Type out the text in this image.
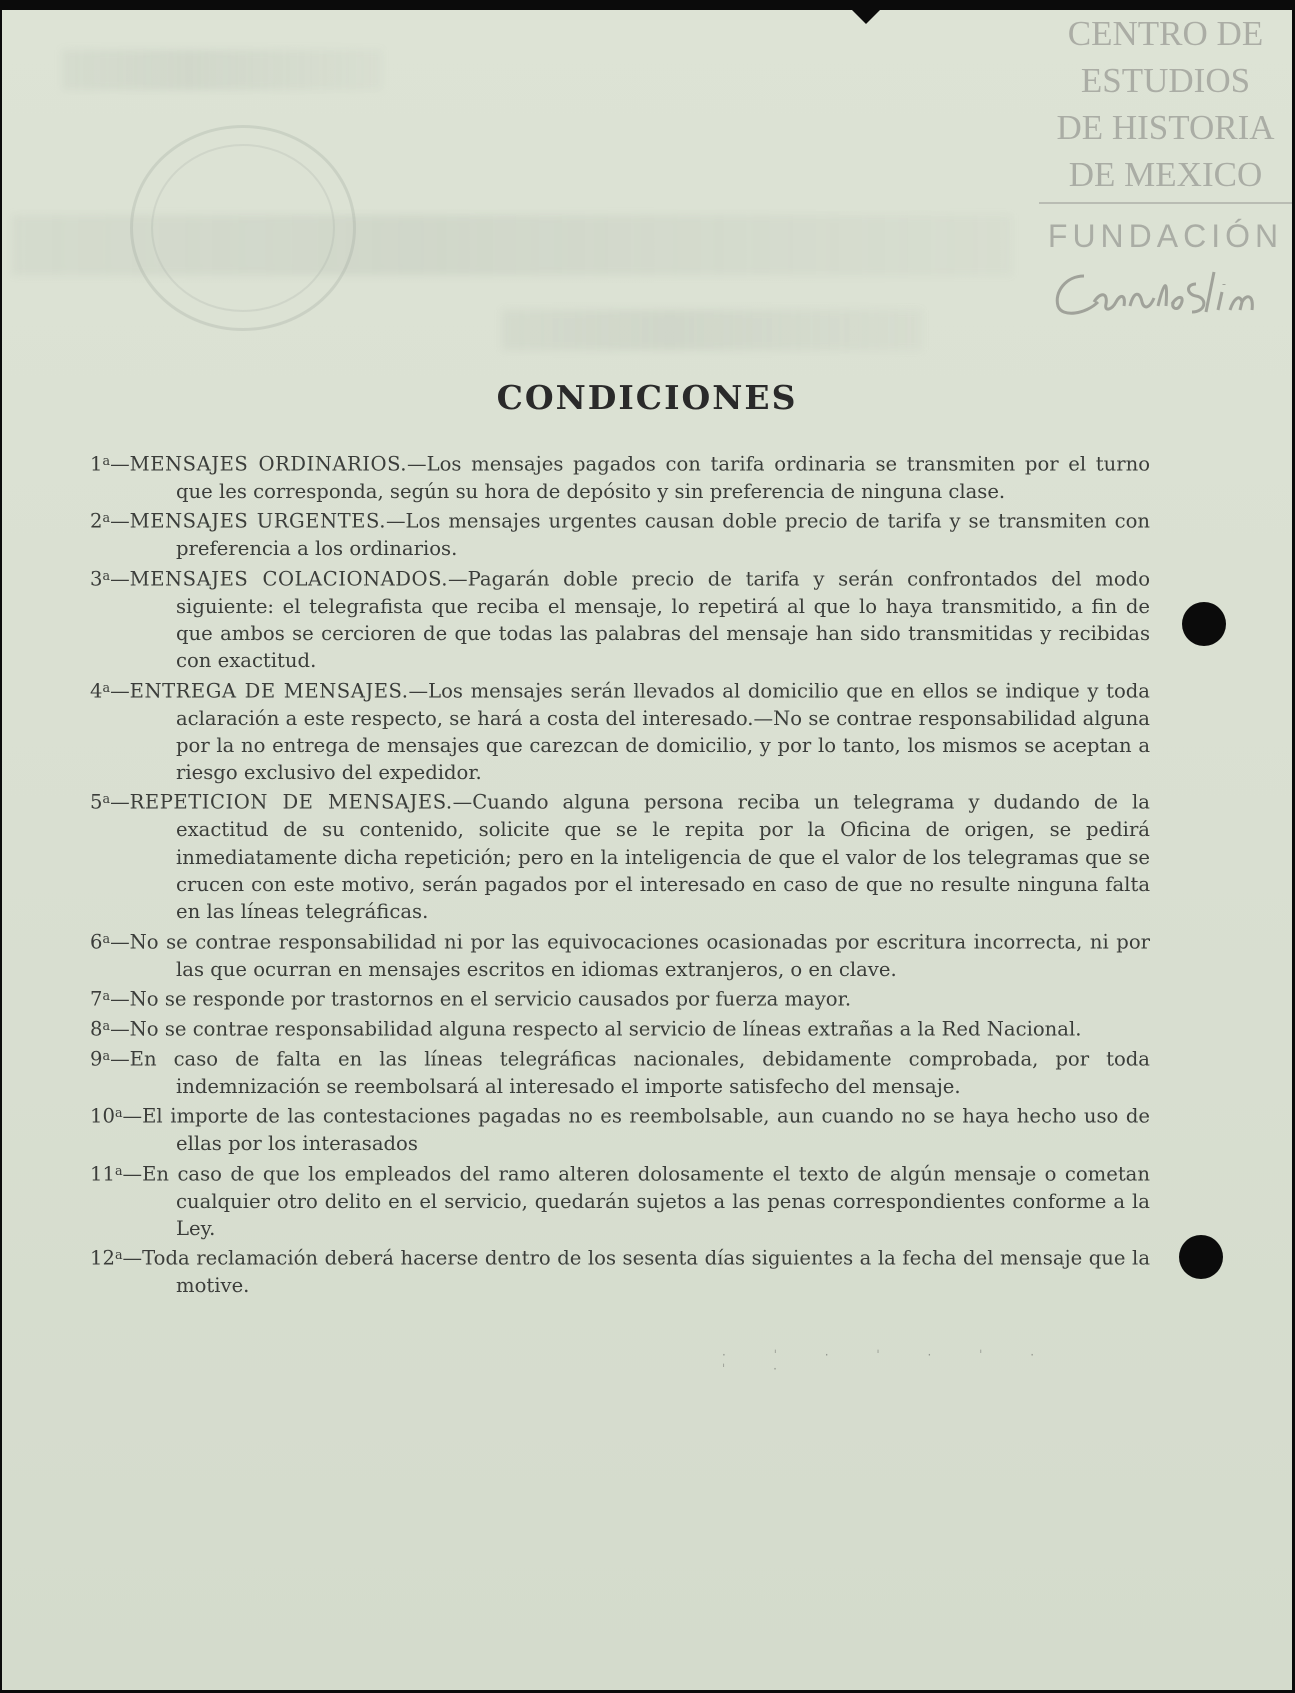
CENTRO DE
ESTUDIOS
DE HISTORIA
DE MEXICO
FUNDACIÓN
CONDICIONES
1$^a$—MENSAJES ORDINARIOS.—Los mensajes pagados con tarifa ordinaria se transmiten por el turno que les corresponda, según su hora de depósito y sin preferencia de ninguna clase.
2$^a$—MENSAJES URGENTES.—Los mensajes urgentes causan doble precio de tarifa y se transmiten con preferencia a los ordinarios.
3$^a$—MENSAJES COLACIONADOS.—Pagarán doble precio de tarifa y serán confrontados del modo siguiente: el telegrafista que reciba el mensaje, lo repetirá al que lo haya transmitido, a fin de que ambos se cercioren de que todas las palabras del mensaje han sido transmitidas y recibidas con exactitud.
4$^a$—ENTREGA DE MENSAJES.—Los mensajes serán llevados al domicilio que en ellos se indique y toda aclaración a este respecto, se hará a costa del interesado.—No se contrae responsabilidad alguna por la no entrega de mensajes que carezcan de domicilio, y por lo tanto, los mismos se aceptan a riesgo exclusivo del expedidor.
5$^a$—REPETICION DE MENSAJES.—Cuando alguna persona reciba un telegrama y dudando de la exactitud de su contenido, solicite que se le repita por la Oficina de origen, se pedirá inmediatamente dicha repetición; pero en la inteligencia de que el valor de los telegramas que se crucen con este motivo, serán pagados por el interesado en caso de que no resulte ninguna falta en las líneas telegráficas.
6$^a$—No se contrae responsabilidad ni por las equivocaciones ocasionadas por escritura incorrecta, ni por las que ocurran en mensajes escritos en idiomas extranjeros, o en clave.
7$^a$—No se responde por trastornos en el servicio causados por fuerza mayor.
8$^a$—No se contrae responsabilidad alguna respecto al servicio de líneas extrañas a la Red Nacional.
9$^a$—En caso de falta en las líneas telegráficas nacionales, debidamente comprobada, por toda indemnización se reembolsará al interesado el importe satisfecho del mensaje.
10$^a$—El importe de las contestaciones pagadas no es reembolsable, aun cuando no se haya hecho uso de ellas por los interasados
11$^a$—En caso de que los empleados del ramo alteren dolosamente el texto de algún mensaje o cometan cualquier otro delito en el servicio, quedarán sujetos a las penas correspondientes conforme a la Ley.
12$^a$—Toda reclamación deberá hacerse dentro de los sesenta días siguientes a la fecha del mensaje que la motive.
· ˈ · ˈ · ˈ · ˈ ·
